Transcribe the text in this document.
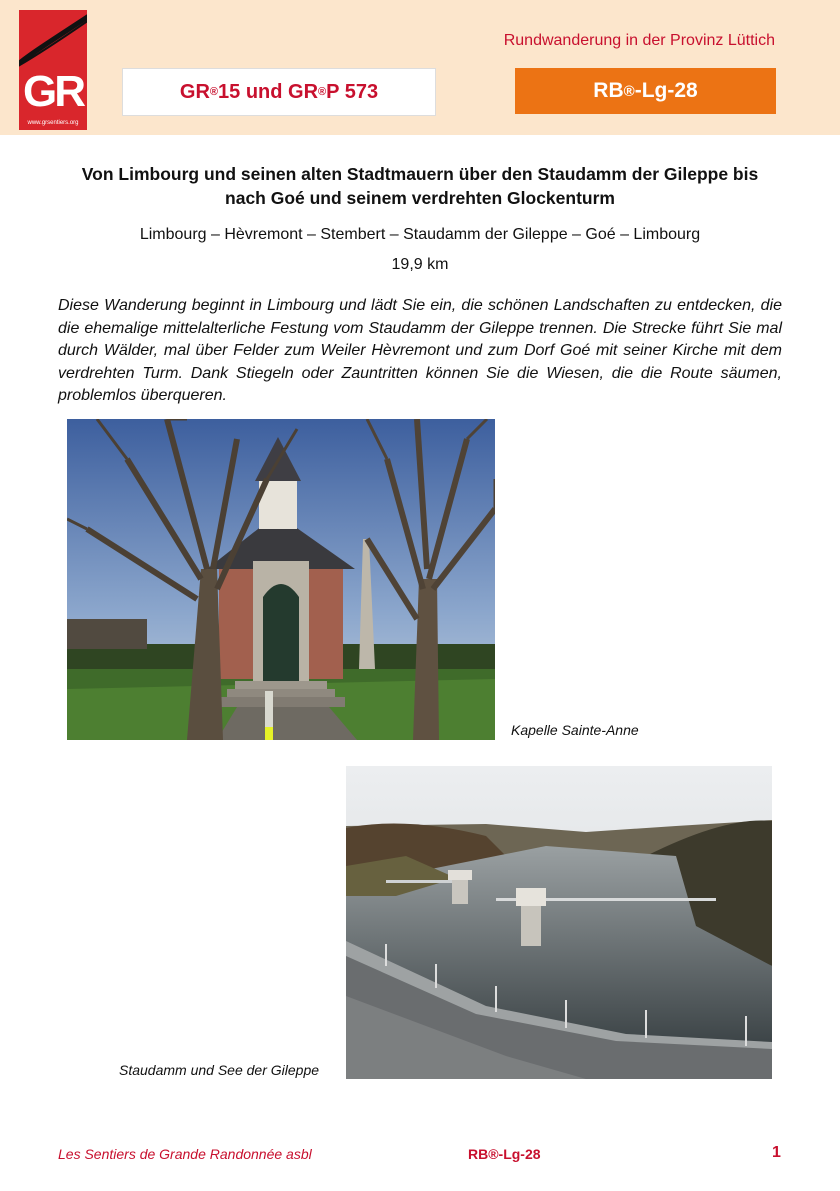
GR
www.grsentiers.org
Rundwanderung in der Provinz Lüttich
GR ® 15 und GR ® P 573	RB ® -Lg-28
Von Limbourg und seinen alten Stadtmauern über den Staudamm der Gileppe bis nach Goé und seinem verdrehten Glockenturm
Limbourg – Hèvremont – Stembert – Staudamm der Gileppe – Goé – Limbourg
19,9 km
Diese Wanderung beginnt in Limbourg und lädt Sie ein, die schönen Landschaften zu entdecken, die die ehemalige mittelalterliche Festung vom Staudamm der Gileppe trennen. Die Strecke führt Sie mal durch Wälder, mal über Felder zum Weiler Hèvremont und zum Dorf Goé mit seiner Kirche mit dem verdrehten Turm. Dank Stiegeln oder Zauntritten können Sie die Wiesen, die die Route säumen, problemlos überqueren.
Kapelle Sainte-Anne
Staudamm und See der Gileppe
Les Sentiers de Grande Randonnée asbl	RB®-Lg-28	1
